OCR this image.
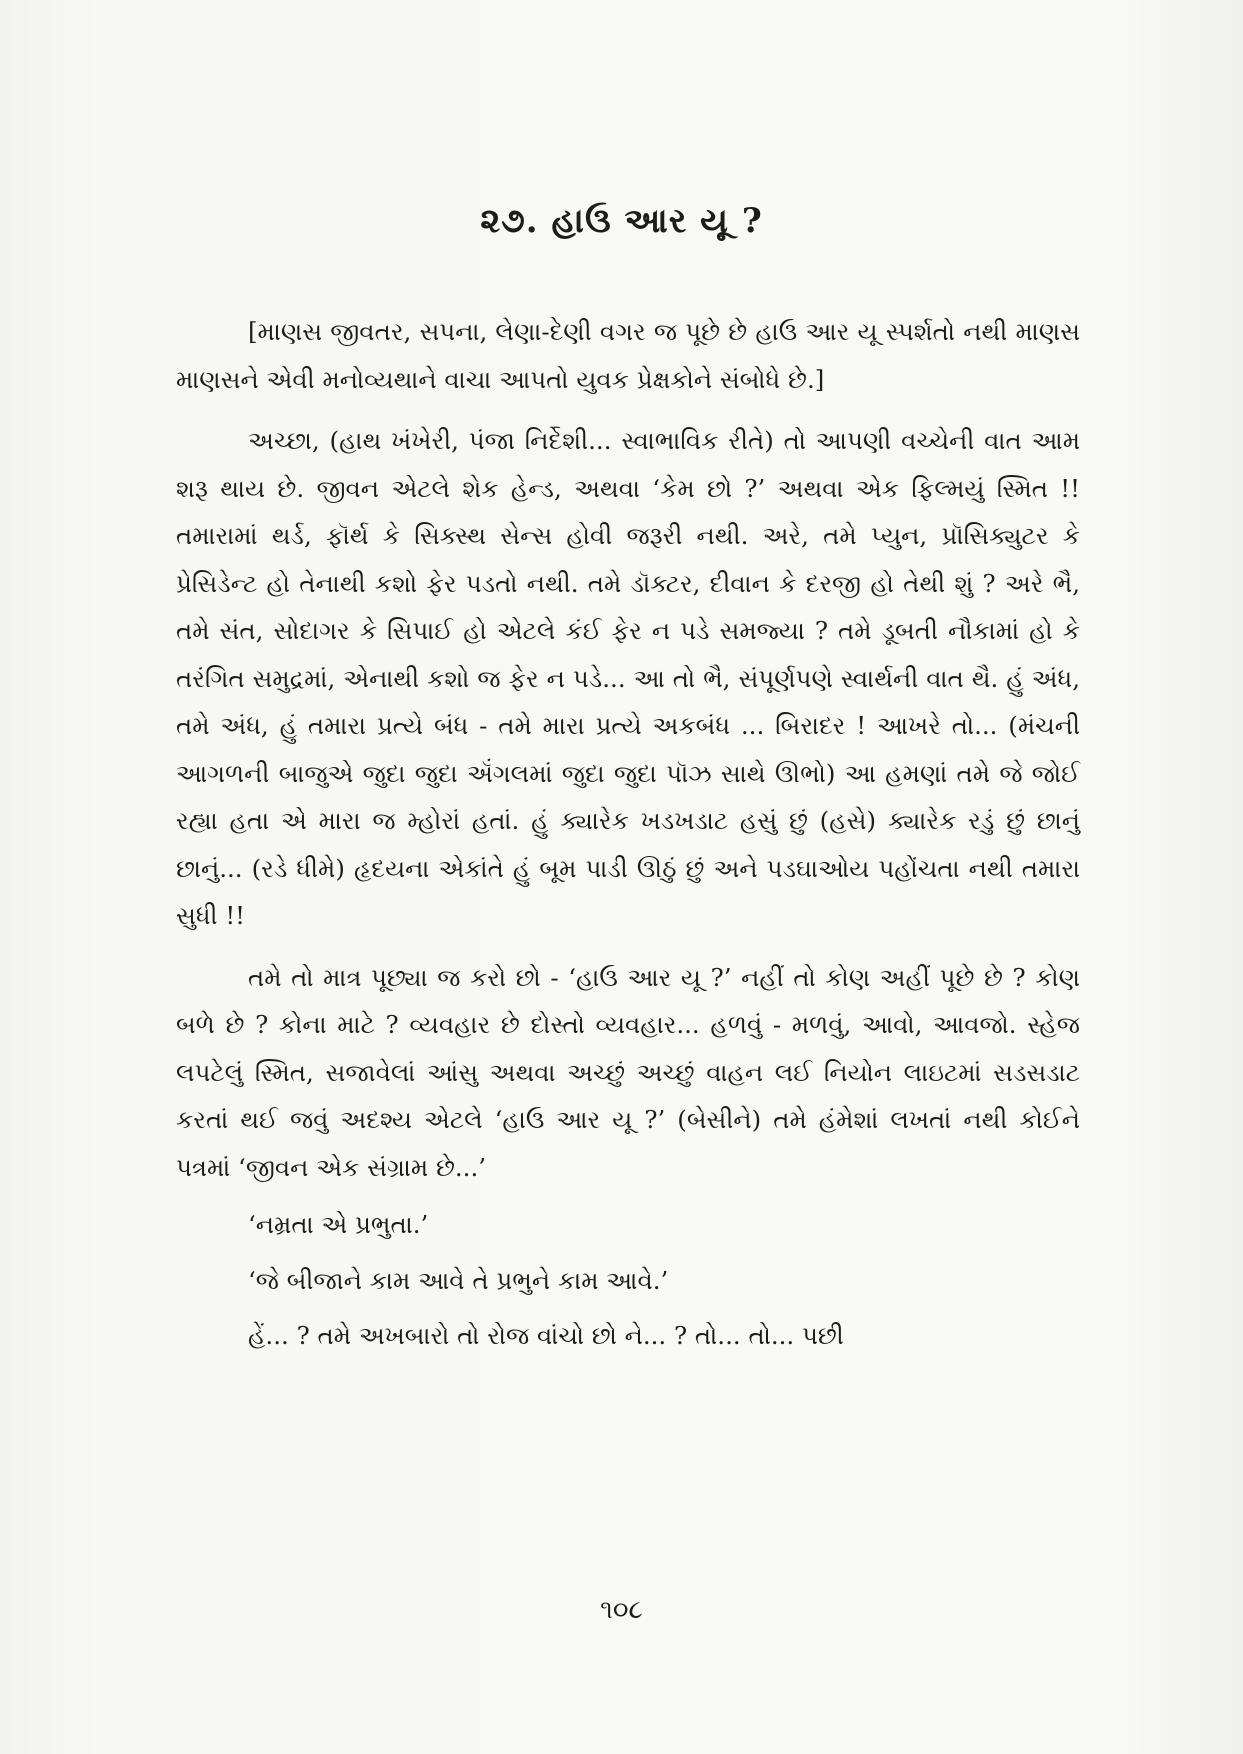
૨૭. હાઉ આર યૂ ?

[માણસ જીવતર, સપના, લેણા-દેણી વગર જ પૂછે છે હાઉ આર યૂ સ્પર્શતો નથી માણસ માણસને એવી મનોવ્યથાને વાચા આપતો યુવક પ્રેક્ષકોને સંબોધે છે.]

અચ્છા, (હાથ ખંખેરી, પંજા નિર્દેશી... સ્વાભાવિક રીતે) તો આપણી વચ્ચેની વાત આમ શરૂ થાય છે. જીવન એટલે શેક હેન્ડ, અથવા ‘કેમ છો ?’ અથવા એક ફિલ્મયું સ્મિત !! તમારામાં થર્ડ, ફૉર્થ કે સિક્સ્થ સેન્સ હોવી જરૂરી નથી. અરે, તમે પ્યુન, પ્રૉસિક્યુટર કે પ્રેસિડેન્ટ હો તેનાથી કશો ફેર પડતો નથી. તમે ડૉક્ટર, દીવાન કે દરજી હો તેથી શું ? અરે ભૈ, તમે સંત, સોદાગર કે સિપાઈ હો એટલે કંઈ ફેર ન પડે સમજ્યા ? તમે ડૂબતી નૌકામાં હો કે તરંગિત સમુદ્રમાં, એનાથી કશો જ ફેર ન પડે... આ તો ભૈ, સંપૂર્ણપણે સ્વાર્થની વાત થૈ. હું અંધ, તમે અંધ, હું તમારા પ્રત્યે બંધ - તમે મારા પ્રત્યે અકબંધ ... બિરાદર ! આખરે તો... (મંચની આગળની બાજુએ જુદા જુદા ઍંગલમાં જુદા જુદા પૉઝ સાથે ઊભો) આ હમણાં તમે જે જોઈ રહ્યા હતા એ મારા જ મ્હોરાં હતાં. હું ક્યારેક ખડખડાટ હસું છું (હસે) ક્યારેક રડું છું છાનું છાનું... (રડે ધીમે) હૃદયના એકાંતે હું બૂમ પાડી ઊઠું છું અને પડઘાઓય પહોંચતા નથી તમારા સુધી !!

તમે તો માત્ર પૂછ્યા જ કરો છો - ‘હાઉ આર યૂ ?’ નહીં તો કોણ અહીં પૂછે છે ? કોણ બળે છે ? કોના માટે ? વ્યવહાર છે દોસ્તો વ્યવહાર... હળવું - મળવું, આવો, આવજો. સ્હેજ લપટેલું સ્મિત, સજાવેલાં આંસુ અથવા અચ્છું અચ્છું વાહન લઈ નિયોન લાઇટમાં સડસડાટ કરતાં થઈ જવું અદશ્ય એટલે ‘હાઉ આર યૂ ?’ (બેસીને) તમે હંમેશાં લખતાં નથી કોઈને પત્રમાં ‘જીવન એક સંગ્રામ છે...’

‘નમ્રતા એ પ્રભુતા.’

‘જે બીજાને કામ આવે તે પ્રભુને કામ આવે.’

હેં... ? તમે અખબારો તો રોજ વાંચો છો ને... ? તો... તો... પછી

૧૦૮
